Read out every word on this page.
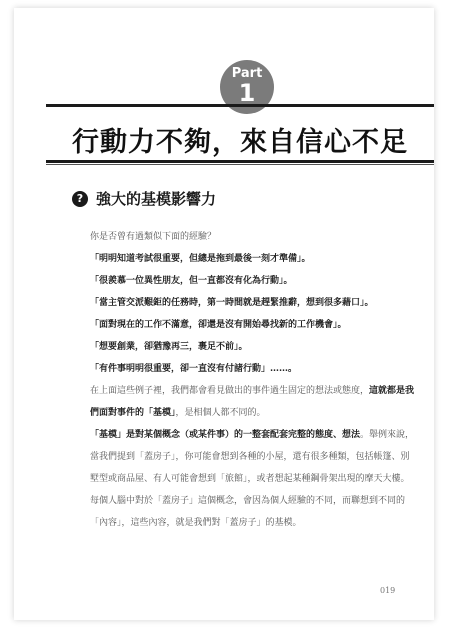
Part
1
行動力不夠，來自信心不足
? 強大的基模影響力

你是否曾有過類似下面的經驗？

「明明知道考試很重要，但總是拖到最後一刻才準備」。

「很羨慕一位異性朋友，但一直都沒有化為行動」。

「當主管交派艱鉅的任務時，第一時間就是趕緊推辭，想到很多藉口」。

「面對現在的工作不滿意，卻還是沒有開始尋找新的工作機會」。

「想要創業，卻猶豫再三，裹足不前」。

「有件事明明很重要，卻一直沒有付諸行動」……。

在上面這些例子裡，我們都會看見做出的事件過生固定的想法或態度，這就都是我們面對事件的「基模」，是相個人都不同的。

「基模」是對某個概念（或某件事）的一整套配套完整的態度、想法。舉例來說，當我們提到「蓋房子」，你可能會想到各種的小屋，還有很多種類，包括帳篷、別墅型或商品屋、有人可能會想到「旅館」，或者想起某種鋼骨架出現的摩天大樓。每個人腦中對於「蓋房子」這個概念，會因為個人經驗的不同，而聯想到不同的「內容」，這些內容，就是我們對「蓋房子」的基模。

019
